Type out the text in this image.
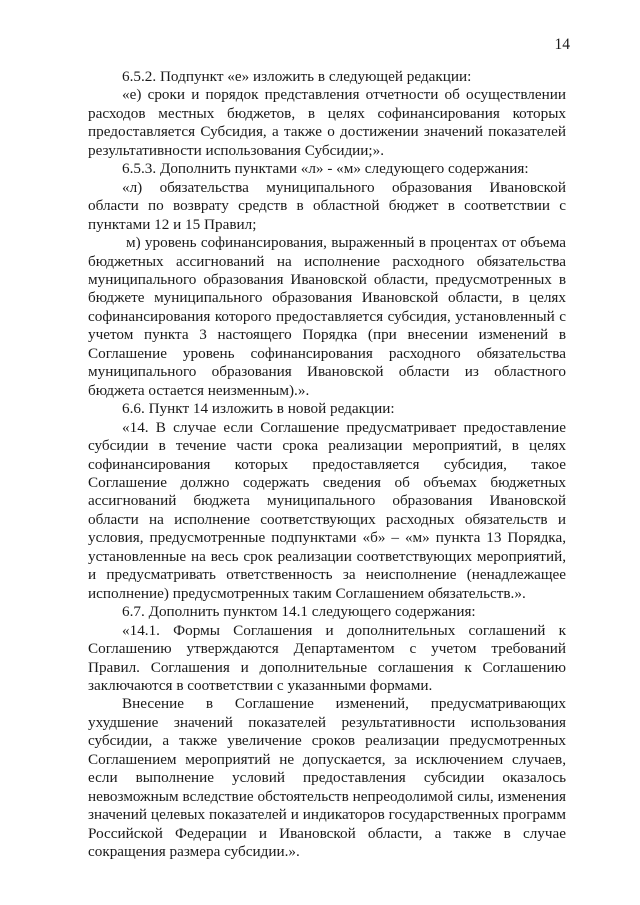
14

6.5.2. Подпункт «е» изложить в следующей редакции:

«е) сроки и порядок представления отчетности об осуществлении расходов местных бюджетов, в целях софинансирования которых предоставляется Субсидия, а также о достижении значений показателей результативности использования Субсидии;».

6.5.3. Дополнить пунктами «л» - «м» следующего содержания:

«л) обязательства муниципального образования Ивановской области по возврату средств в областной бюджет в соответствии с пунктами 12 и 15 Правил;

м) уровень софинансирования, выраженный в процентах от объема бюджетных ассигнований на исполнение расходного обязательства муниципального образования Ивановской области, предусмотренных в бюджете муниципального образования Ивановской области, в целях софинансирования которого предоставляется субсидия, установленный с учетом пункта 3 настоящего Порядка (при внесении изменений в Соглашение уровень софинансирования расходного обязательства муниципального образования Ивановской области из областного бюджета остается неизменным).».

6.6. Пункт 14 изложить в новой редакции:

«14. В случае если Соглашение предусматривает предоставление субсидии в течение части срока реализации мероприятий, в целях софинансирования которых предоставляется субсидия, такое Соглашение должно содержать сведения об объемах бюджетных ассигнований бюджета муниципального образования Ивановской области на исполнение соответствующих расходных обязательств и условия, предусмотренные подпунктами «б» – «м» пункта 13 Порядка, установленные на весь срок реализации соответствующих мероприятий, и предусматривать ответственность за неисполнение (ненадлежащее исполнение) предусмотренных таким Соглашением обязательств.».

6.7. Дополнить пунктом 14.1 следующего содержания:

«14.1. Формы Соглашения и дополнительных соглашений к Соглашению утверждаются Департаментом с учетом требований Правил. Соглашения и дополнительные соглашения к Соглашению заключаются в соответствии с указанными формами.

Внесение в Соглашение изменений, предусматривающих ухудшение значений показателей результативности использования субсидии, а также увеличение сроков реализации предусмотренных Соглашением мероприятий не допускается, за исключением случаев, если выполнение условий предоставления субсидии оказалось невозможным вследствие обстоятельств непреодолимой силы, изменения значений целевых показателей и индикаторов государственных программ Российской Федерации и Ивановской области, а также в случае сокращения размера субсидии.».
